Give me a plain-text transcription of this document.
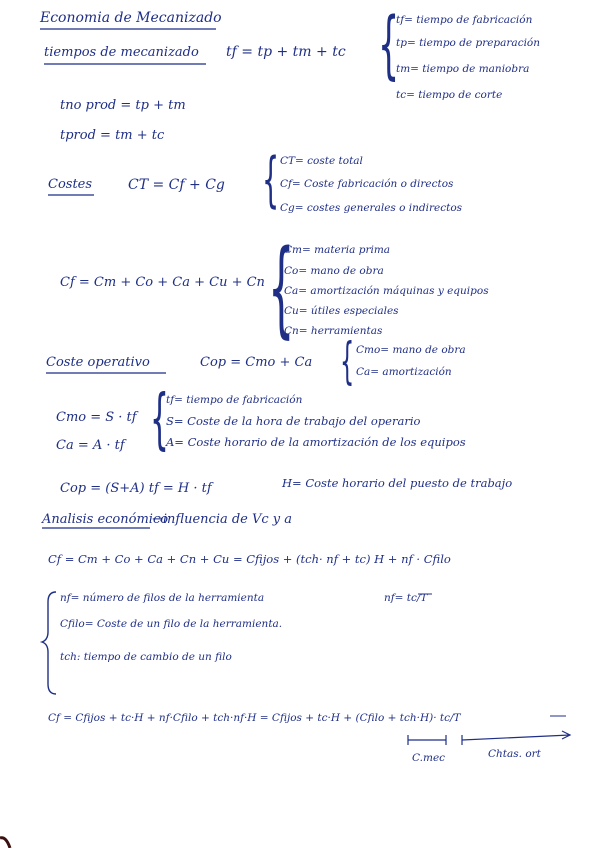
Economia de Mecanizado
tiempos de mecanizado tf = tp + tm + tc {
tf= tiempo de fabricación
tp= tiempo de preparación
tm= tiempo de maniobra
tc= tiempo de corte
tno prod = tp + tm
tprod = tm + tc
Costes	CT = Cf + Cg { CT= coste total
Cf= Coste fabricación o directos
Cg= costes generales o indirectos
Cf = Cm + Co + Ca + Cu + Cn {
Cm= materia prima
Co= mano de obra
Ca= amortización máquinas y equipos
Cu= útiles especiales
Cn= herramientas
Coste operativo	Cop = Cmo + Ca { Cmo= mano de obra
Ca= amortización
Cmo = S · tf
Ca = A · tf {
tf= tiempo de fabricación
S= Coste de la hora de trabajo del operario
A= Coste horario de la amortización de los equipos
Cop = (S+A) tf = H · tf	H= Coste horario del puesto de trabajo
Analisis económico
→influencia de Vc y a
Cf = Cm + Co + Ca + Cn + Cu = Cfijos + (tch· nf + tc) H + nf · Cfilo
nf= número de filos de la herramienta
Cfilo= Coste de un filo de la herramienta.
tch: tiempo de cambio de un filo
nf= tc/T
Cf = Cfijos + tc·H + nf·Cfilo + tch·nf·H = Cfijos + tc·H + (Cfilo + tch·H)· tc/T
C.mec	Chtas. ort
